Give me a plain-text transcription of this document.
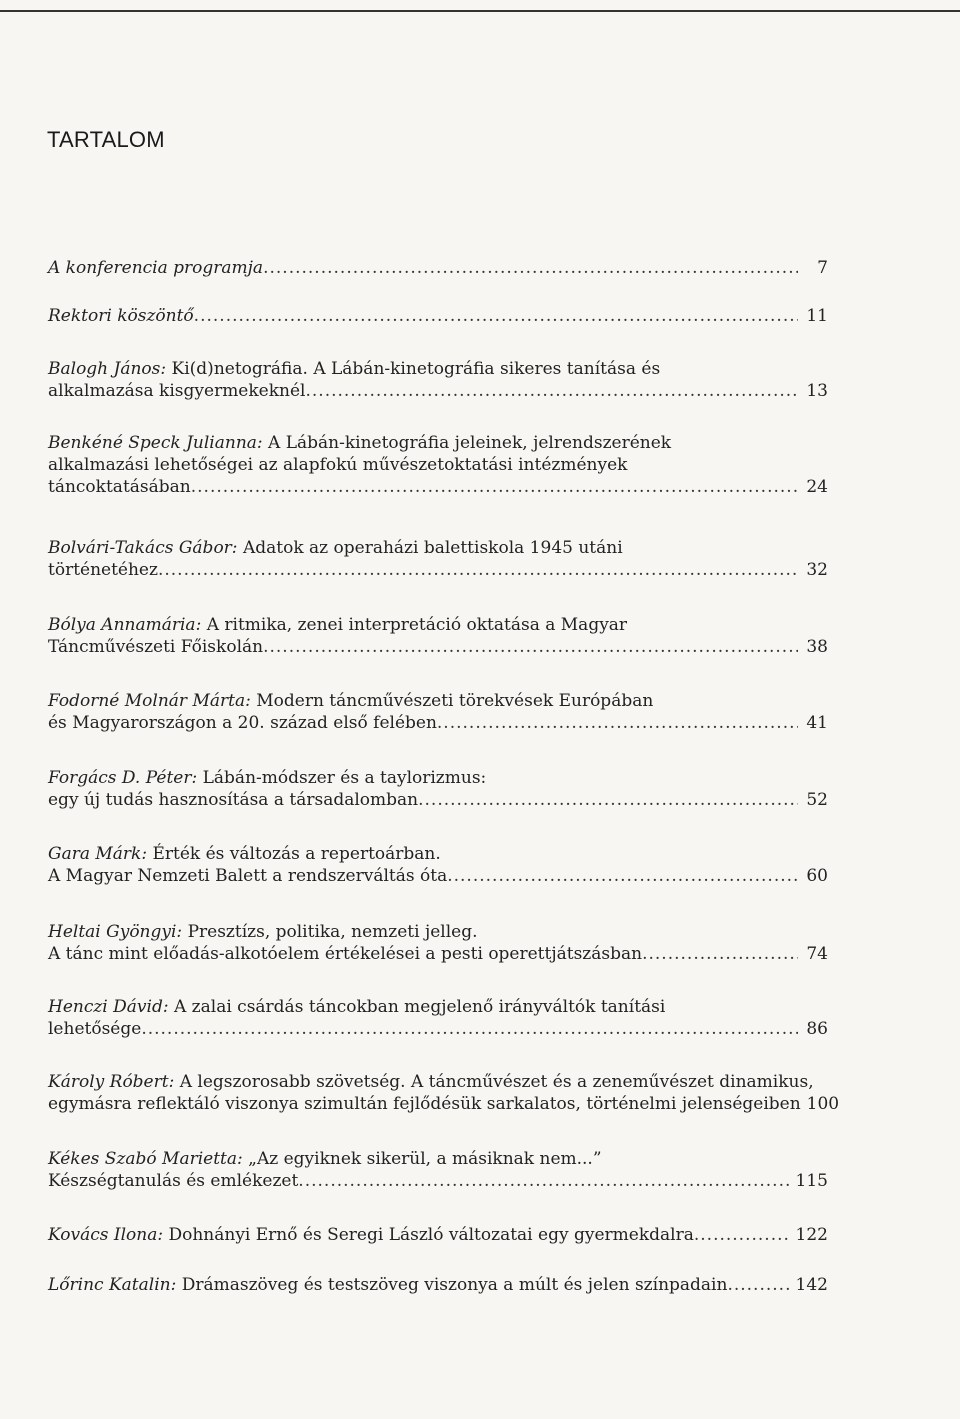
TARTALOM
A konferencia programja .....	7
Rektori köszöntő .....	11
Balogh János: Ki(d)netográfia. A Lábán-kinetográfia sikeres tanítása és
alkalmazása kisgyermekeknél .....	13
Benkéné Speck Julianna: A Lábán-kinetográfia jeleinek, jelrendszerének
alkalmazási lehetőségei az alapfokú művészetoktatási intézmények
táncoktatásában .....	24
Bolvári-Takács Gábor: Adatok az operaházi balettiskola 1945 utáni
történetéhez .....	32
Bólya Annamária: A ritmika, zenei interpretáció oktatása a Magyar
Táncművészeti Főiskolán .....	38
Fodorné Molnár Márta: Modern táncművészeti törekvések Európában
és Magyarországon a 20. század első felében .....	41
Forgács D. Péter: Lábán-módszer és a taylorizmus:
egy új tudás hasznosítása a társadalomban .....	52
Gara Márk: Érték és változás a repertoárban.
A Magyar Nemzeti Balett a rendszerváltás óta .....	60
Heltai Gyöngyi: Presztízs, politika, nemzeti jelleg.
A tánc mint előadás-alkotóelem értékelései a pesti operettjátszásban .....	74
Henczi Dávid: A zalai csárdás táncokban megjelenő irányváltók tanítási
lehetősége .....	86
Károly Róbert: A legszorosabb szövetség. A táncművészet és a zeneművészet dinamikus,
egymásra reflektáló viszonya szimultán fejlődésük sarkalatos, történelmi jelenségeiben 100
Kékes Szabó Marietta: „Az egyiknek sikerül, a másiknak nem...”
Készségtanulás és emlékezet .....	115
Kovács Ilona: Dohnányi Ernő és Seregi László változatai egy gyermekdalra .....	122
Lőrinc Katalin: Drámaszöveg és testszöveg viszonya a múlt és jelen színpadain .....	142
